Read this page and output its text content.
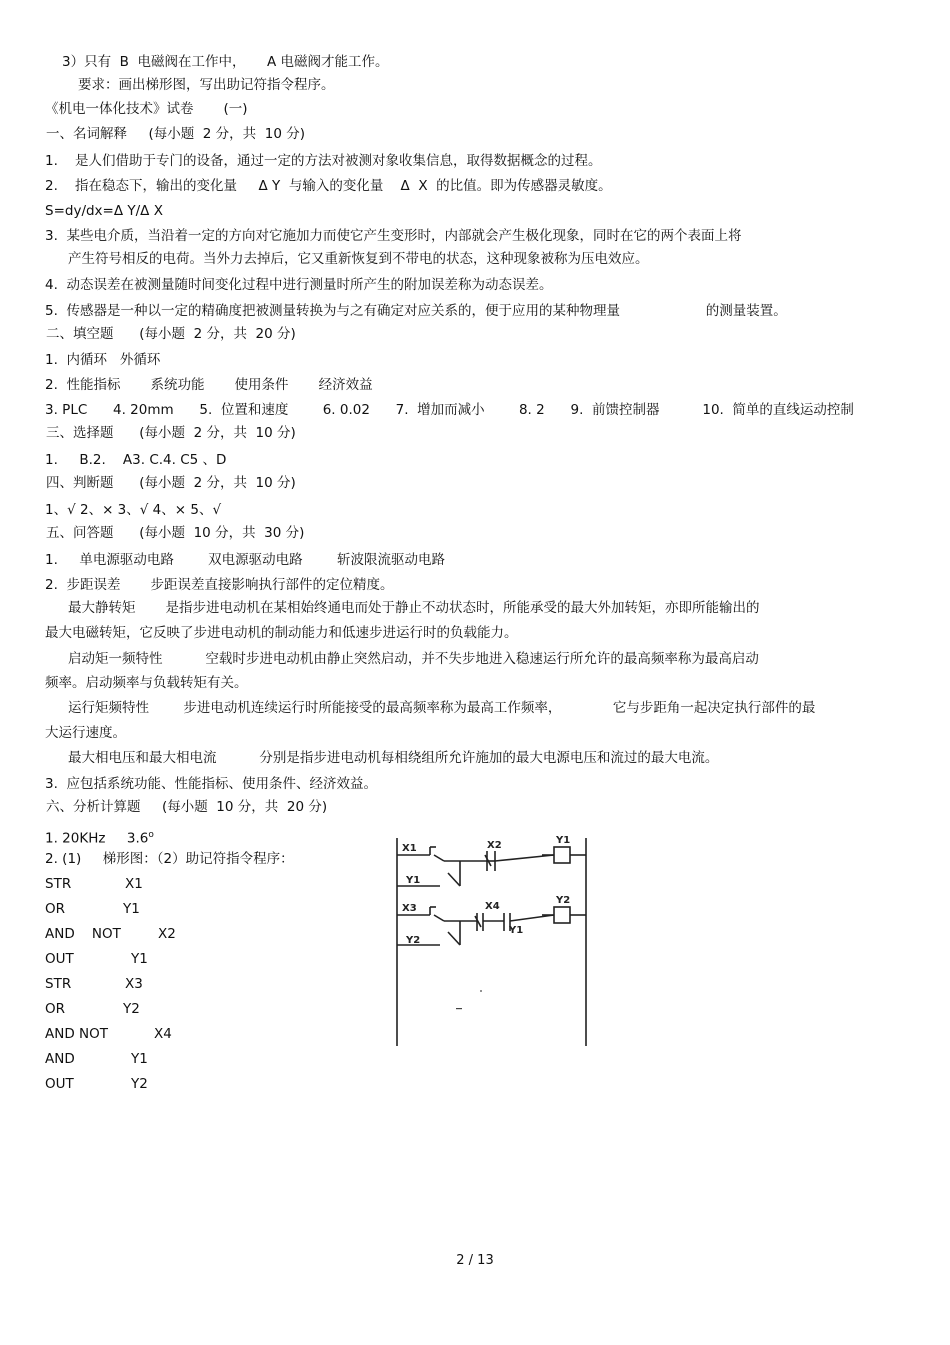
3）只有  B  电磁阀在工作中，     A 电磁阀才能工作。
要求：画出梯形图，写出助记符指令程序。
《机电一体化技术》试卷       (一)
一、名词解释     (每小题  2 分，共  10 分)
1.    是人们借助于专门的设备，通过一定的方法对被测对象收集信息，取得数据概念的过程。
2.    指在稳态下，输出的变化量     Δ Y  与输入的变化量    Δ  X  的比值。即为传感器灵敏度。
S=dy/dx=Δ Y/Δ X
3.  某些电介质，当沿着一定的方向对它施加力而使它产生变形时，内部就会产生极化现象，同时在它的两个表面上将
产生符号相反的电荷。当外力去掉后，它又重新恢复到不带电的状态，这种现象被称为压电效应。
4.  动态误差在被测量随时间变化过程中进行测量时所产生的附加误差称为动态误差。
5.  传感器是一种以一定的精确度把被测量转换为与之有确定对应关系的，便于应用的某种物理量                    的测量装置。
二、填空题      (每小题  2 分，共  20 分)
1.  内循环   外循环
2.  性能指标       系统功能       使用条件       经济效益
3. PLC      4. 20mm      5.  位置和速度        6. 0.02      7.  增加而减小        8. 2      9.  前馈控制器          10.  简单的直线运动控制
三、选择题      (每小题  2 分，共  10 分)
1.     B.2.    A3. C.4. C5 、D
四、判断题      (每小题  2 分，共  10 分)
1、√ 2、× 3、√ 4、× 5、√
五、问答题      (每小题  10 分，共  30 分)
1.     单电源驱动电路        双电源驱动电路        斩波限流驱动电路
2.  步距误差       步距误差直接影响执行部件的定位精度。
最大静转矩       是指步进电动机在某相始终通电而处于静止不动状态时，所能承受的最大外加转矩，亦即所能输出的
最大电磁转矩，它反映了步进电动机的制动能力和低速步进运行时的负载能力。
启动矩一频特性          空载时步进电动机由静止突然启动，并不失步地进入稳速运行所允许的最高频率称为最高启动
频率。启动频率与负载转矩有关。
运行矩频特性        步进电动机连续运行时所能接受的最高频率称为最高工作频率，            它与步距角一起决定执行部件的最
大运行速度。
最大相电压和最大相电流          分别是指步进电动机每相绕组所允许施加的最大电源电压和流过的最大电流。
3.  应包括系统功能、性能指标、使用条件、经济效益。
六、分析计算题     (每小题  10 分，共  20 分)
1. 20KHz     3.6$^o$
2. (1)     梯形图：（2）助记符指令程序：
STR	X1
OR	Y1
AND    NOT	X2
OUT	Y1
STR	X3
OR	Y2
AND NOT	X4
AND	Y1
OUT	Y2
X1	X2	Y1
Y1
X3	X4
Y1
Y2
Y2
2 / 13
